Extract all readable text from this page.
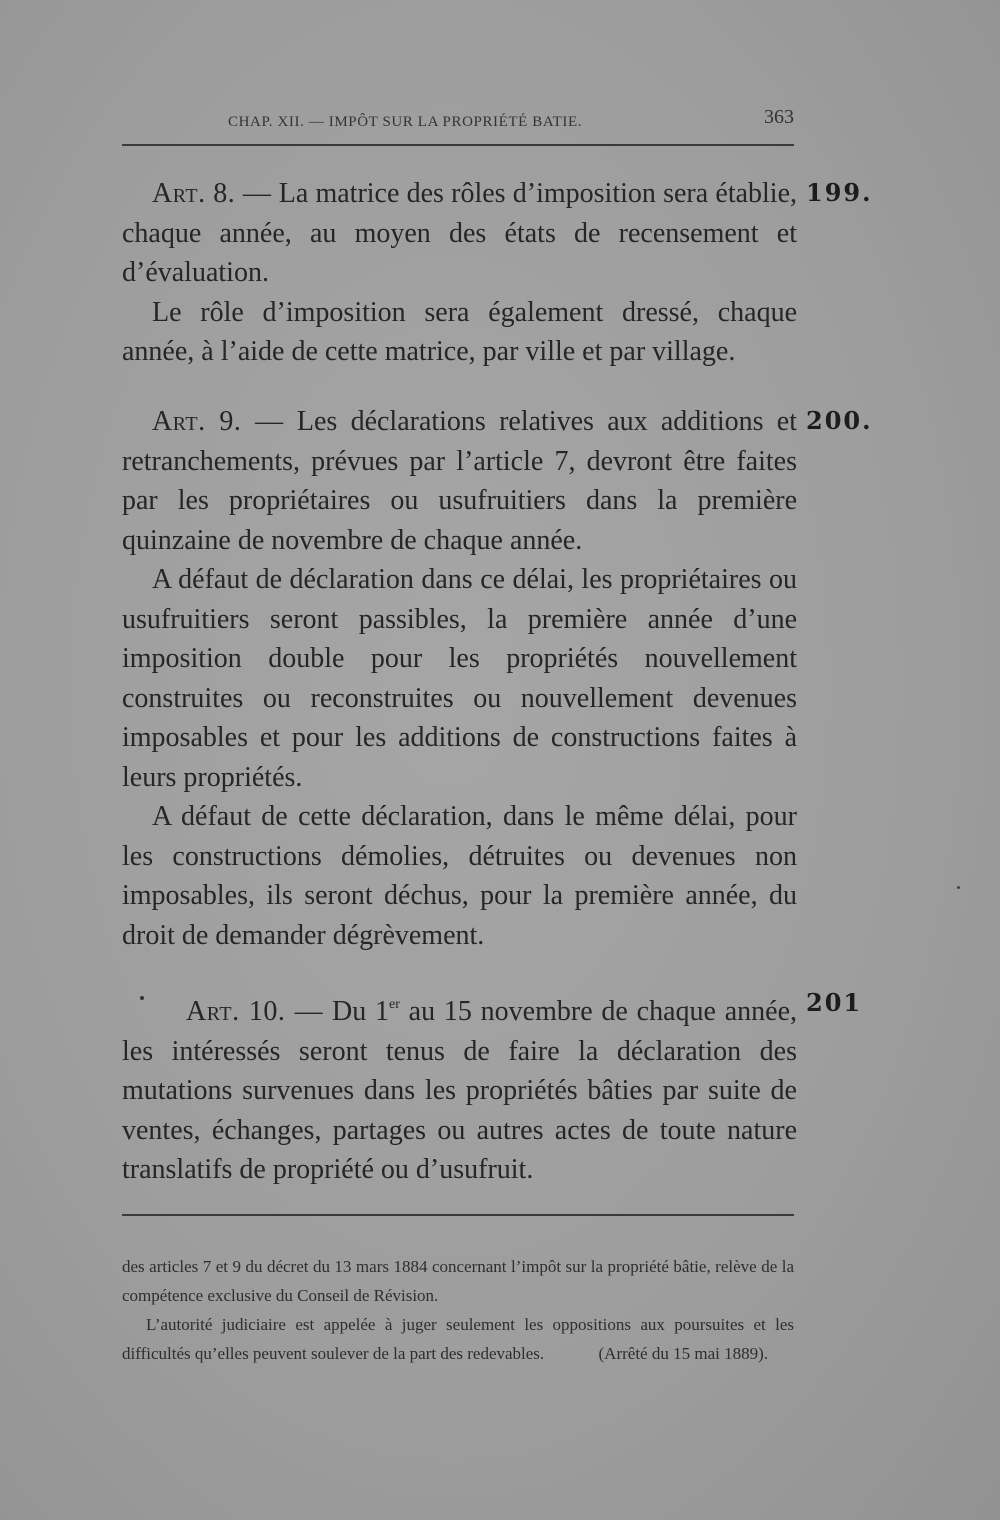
CHAP. XII. — IMPÔT SUR LA PROPRIÉTÉ BATIE.	363
199.

Art. 8. — La matrice des rôles d’imposition sera établie, chaque année, au moyen des états de recensement et d’évaluation.

Le rôle d’imposition sera également dressé, chaque année, à l’aide de cette matrice, par ville et par village.

200.

Art. 9. — Les déclarations relatives aux additions et retranchements, prévues par l’article 7, devront être faites par les propriétaires ou usufruitiers dans la première quinzaine de novembre de chaque année.

A défaut de déclaration dans ce délai, les propriétaires ou usufruitiers seront passibles, la première année d’une imposition double pour les propriétés nouvellement construites ou reconstruites ou nouvellement devenues imposables et pour les additions de constructions faites à leurs propriétés.

A défaut de cette déclaration, dans le même délai, pour les constructions démolies, détruites ou devenues non imposables, ils seront déchus, pour la première année, du droit de demander dégrèvement.

201

Art. 10. — Du 1er au 15 novembre de chaque année, les intéressés seront tenus de faire la déclaration des mutations survenues dans les propriétés bâties par suite de ventes, échanges, partages ou autres actes de toute nature translatifs de propriété ou d’usufruit.

des articles 7 et 9 du décret du 13 mars 1884 concernant l’impôt sur la propriété bâtie, relève de la compétence exclusive du Conseil de Révision.

L’autorité judiciaire est appelée à juger seulement les oppositions aux poursuites et les difficultés qu’elles peuvent soulever de la part des redevables.	(Arrêté du 15 mai 1889).
